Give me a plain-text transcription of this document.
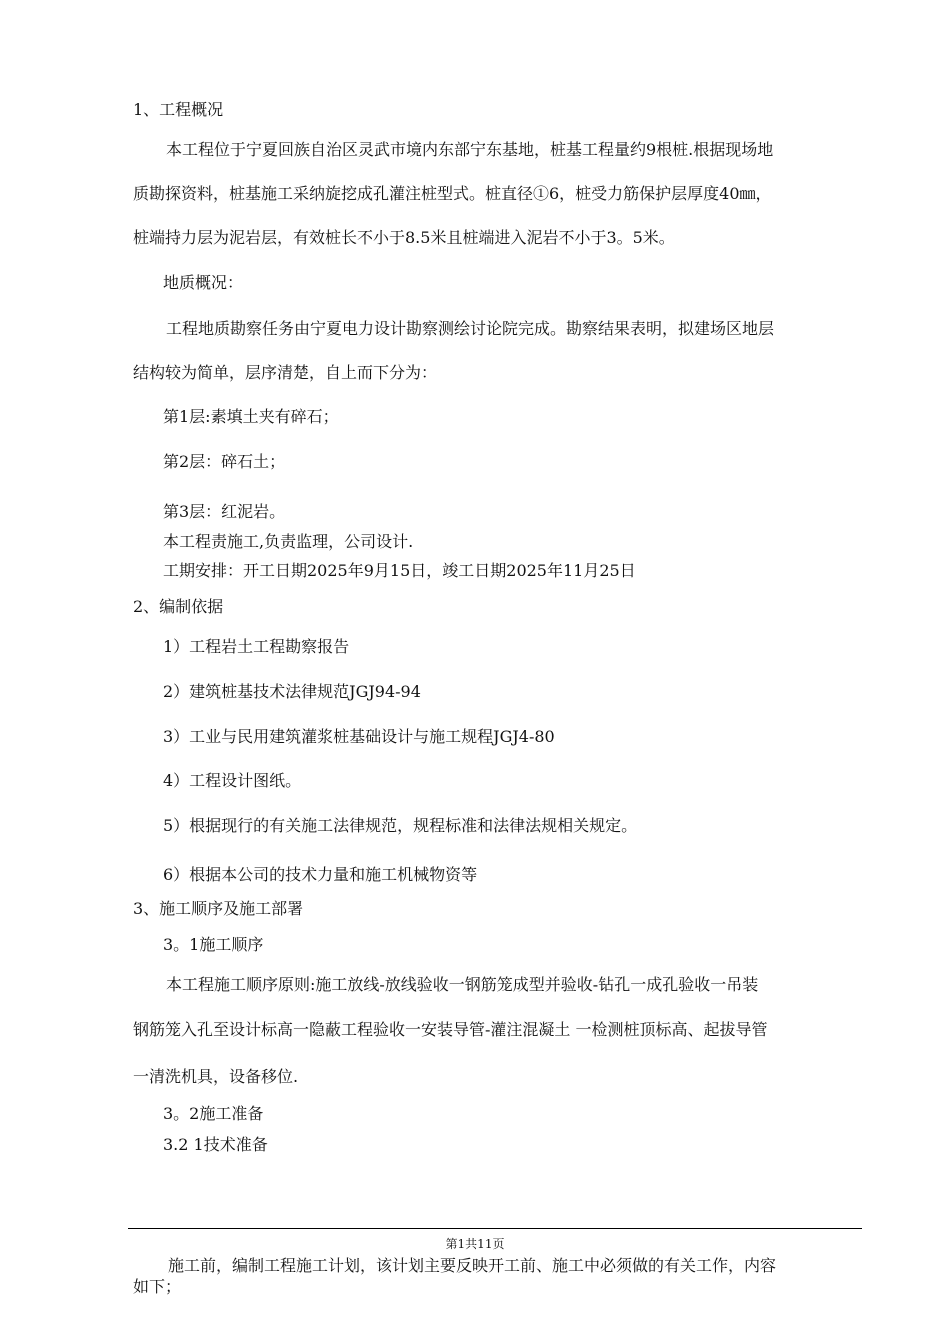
1、工程概况
本工程位于宁夏回族自治区灵武市境内东部宁东基地，桩基工程量约9根桩.根据现场地
质勘探资料，桩基施工采纳旋挖成孔灌注桩型式。桩直径①6，桩受力筋保护层厚度40㎜，
桩端持力层为泥岩层，有效桩长不小于8.5米且桩端进入泥岩不小于3。5米。
地质概况：
工程地质勘察任务由宁夏电力设计勘察测绘讨论院完成。勘察结果表明，拟建场区地层
结构较为简单，层序清楚，自上而下分为：
第1层:素填土夹有碎石；
第2层：碎石土；
第3层：红泥岩。
本工程责施工,负责监理，公司设计.
工期安排：开工日期2025年9月15日，竣工日期2025年11月25日
2、编制依据
1）工程岩土工程勘察报告
2）建筑桩基技术法律规范JGJ94-94
3）工业与民用建筑灌浆桩基础设计与施工规程JGJ4-80
4）工程设计图纸。
5）根据现行的有关施工法律规范，规程标准和法律法规相关规定。
6）根据本公司的技术力量和施工机械物资等
3、施工顺序及施工部署
3。1施工顺序
本工程施工顺序原则:施工放线-放线验收一钢筋笼成型并验收-钻孔一成孔验收一吊装
钢筋笼入孔至设计标高一隐蔽工程验收一安装导管-灌注混凝土 一检测桩顶标高、起拔导管
一清洗机具，设备移位.
3。2施工准备
3.2 1技术准备
第1共11页
施工前，编制工程施工计划，该计划主要反映开工前、施工中必须做的有关工作，内容
如下；
